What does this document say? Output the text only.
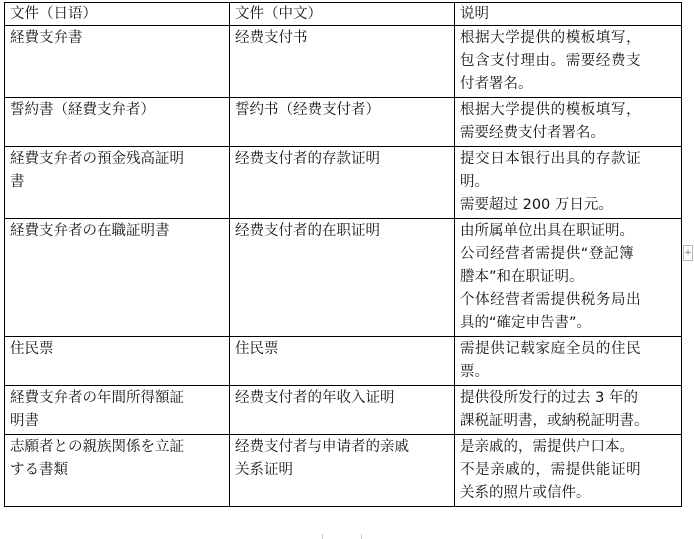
文件（日语）	文件（中文）	说明

経費支弁書	经费支付书	根据大学提供的模板填写，
包含支付理由。需要经费支
付者署名。

誓約書（経費支弁者）	誓约书（经费支付者）	根据大学提供的模板填写，
需要经费支付者署名。

経費支弁者の預金残高証明
書	经费支付者的存款证明	提交日本银行出具的存款证
明。
需要超过 200 万日元。

経費支弁者の在職証明書	经费支付者的在职证明	由所属单位出具在职证明。
公司经营者需提供“登記簿
謄本”和在职证明。
个体经营者需提供税务局出
具的“確定申告書”。

住民票	住民票	需提供记载家庭全员的住民
票。

経費支弁者の年間所得額証
明書	经费支付者的年收入证明	提供役所发行的过去 3 年的
課税証明書，或納税証明書。

志願者との親族関係を立証
する書類	经费支付者与申请者的亲戚
关系证明	是亲戚的，需提供户口本。
不是亲戚的，需提供能证明
关系的照片或信件。
+
